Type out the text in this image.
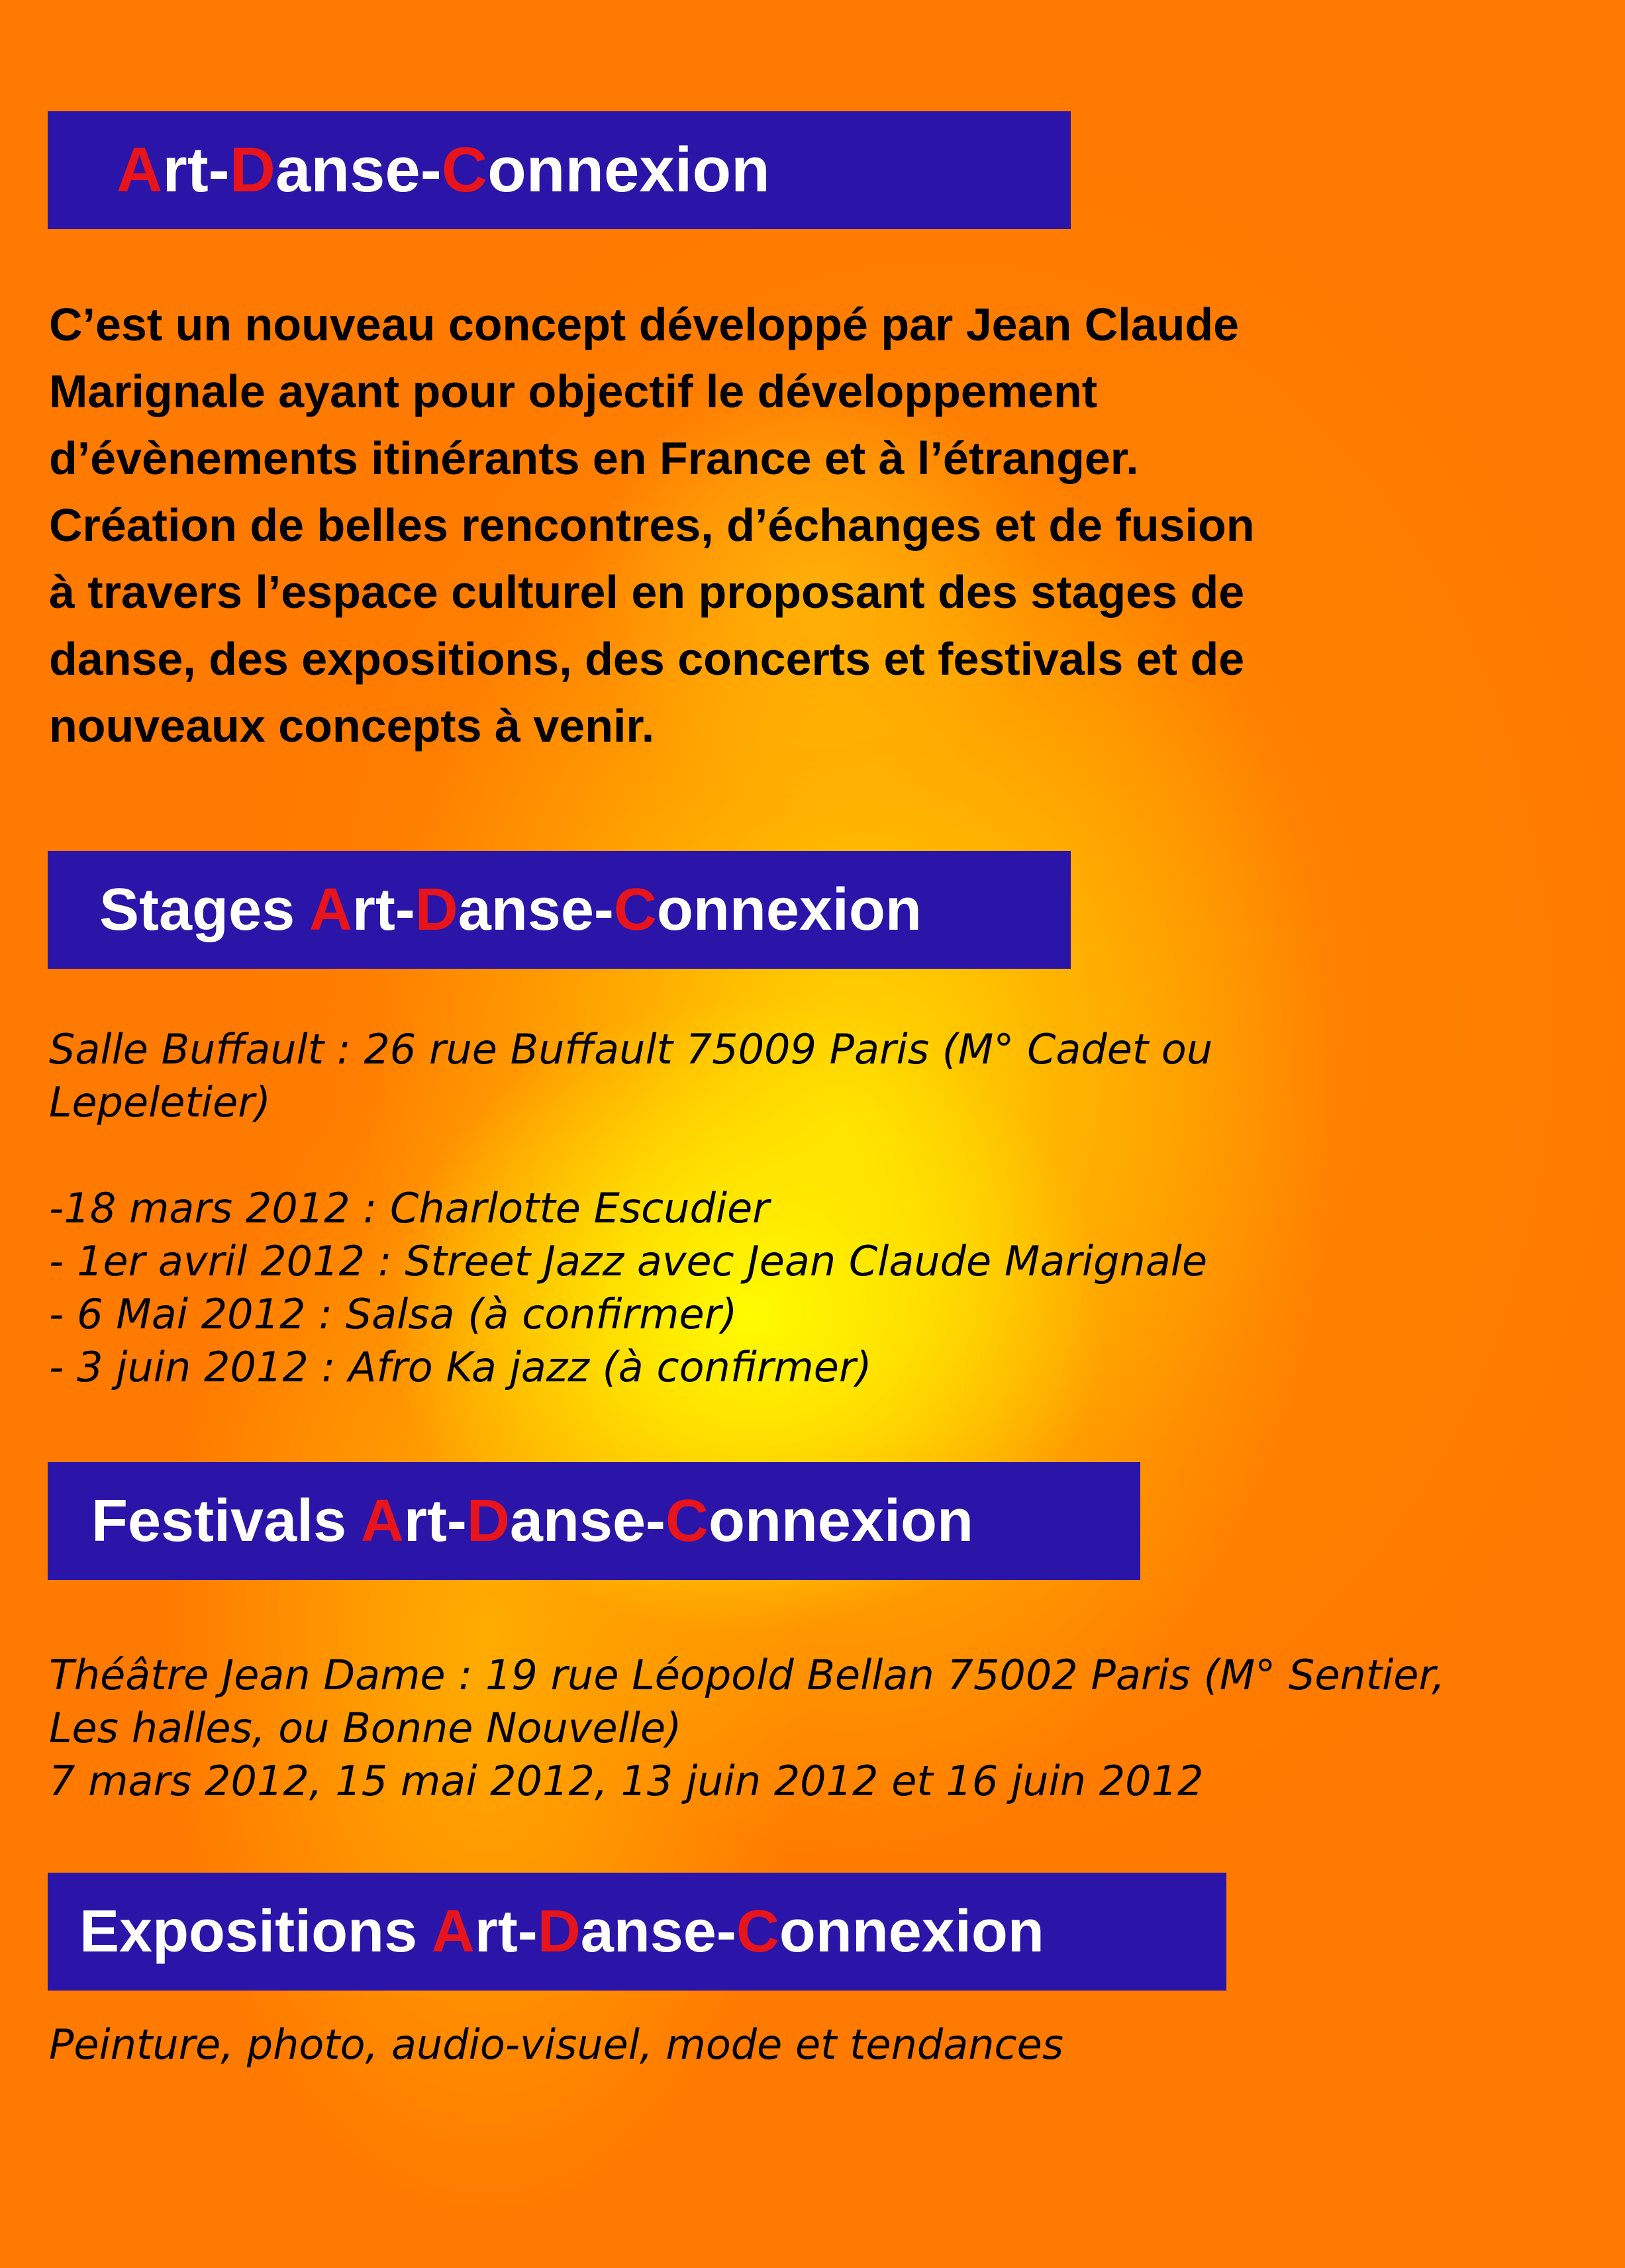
Art-Danse-Connexion
C’est un nouveau concept développé par Jean Claude
Marignale ayant pour objectif le développement
d’évènements itinérants en France et à l’étranger.
Création de belles rencontres, d’échanges et de fusion
à travers l’espace culturel en proposant des stages de
danse, des expositions, des concerts et festivals et de
nouveaux concepts à venir.
Stages Art-Danse-Connexion

Salle Buffault : 26 rue Buffault 75009 Paris (M° Cadet ou

Lepeletier)

-18 mars 2012 : Charlotte Escudier

- 1er avril 2012 : Street Jazz avec Jean Claude Marignale

- 6 Mai 2012 : Salsa (à confirmer)

- 3 juin 2012 : Afro Ka jazz (à confirmer)

Festivals Art-Danse-Connexion

Théâtre Jean Dame : 19 rue Léopold Bellan 75002 Paris (M° Sentier,

Les halles, ou Bonne Nouvelle)

7 mars 2012, 15 mai 2012, 13 juin 2012 et 16 juin 2012

Expositions Art-Danse-Connexion

Peinture, photo, audio-visuel, mode et tendances
